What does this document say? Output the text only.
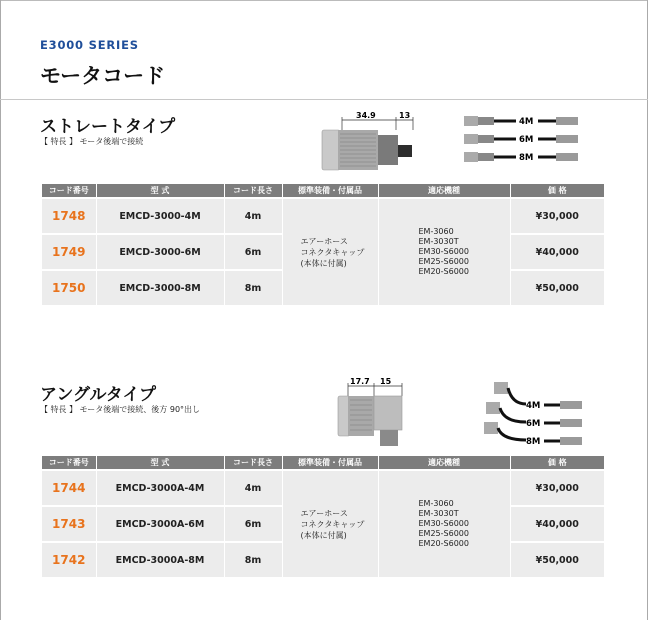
E3000 SERIES
モータコード
ストレートタイプ
【 特長 】 モータ後端で接続
34.9	13
4M
6M
8M
コード番号	型 式	コード長さ	標準装備・付属品	適応機種	価 格
1748	EMCD-3000-4M	4m	エアーホース
コネクタキャップ
(本体に付属)	EM-3060
EM-3030T
EM30-S6000
EM25-S6000
EM20-S6000	¥30,000
1749	EMCD-3000-6M	6m			¥40,000
1750	EMCD-3000-8M	8m			¥50,000
アングルタイプ
【 特長 】 モータ後端で接続、後方 90°出し
17.7 15
4M
6M
8M
コード番号	型 式	コード長さ	標準装備・付属品	適応機種	価 格
1744	EMCD-3000A-4M	4m	エアーホース
コネクタキャップ
(本体に付属)	EM-3060
EM-3030T
EM30-S6000
EM25-S6000
EM20-S6000	¥30,000
1743	EMCD-3000A-6M	6m			¥40,000
1742	EMCD-3000A-8M	8m			¥50,000
